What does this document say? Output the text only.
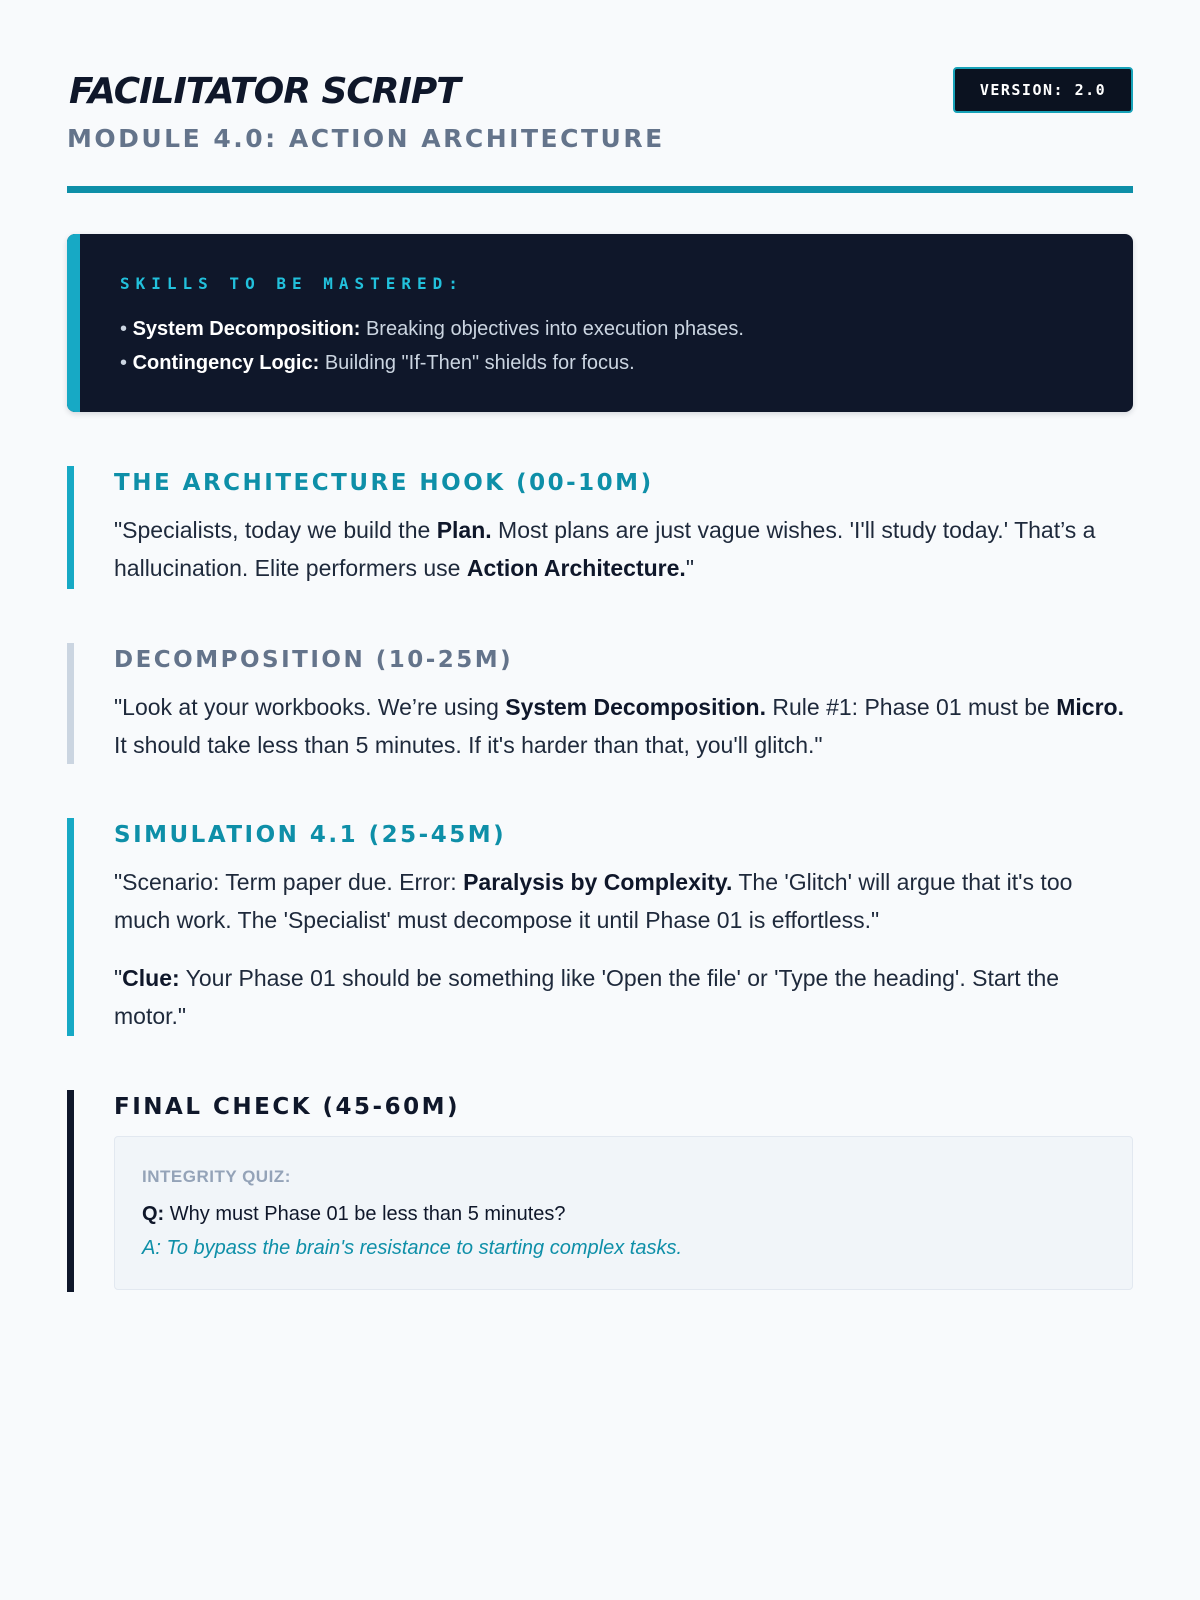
FACILITATOR SCRIPT
MODULE 4.0: ACTION ARCHITECTURE
VERSION: 2.0
SKILLS TO BE MASTERED:
• System Decomposition: Breaking objectives into execution phases.
• Contingency Logic: Building "If-Then" shields for focus.
THE ARCHITECTURE HOOK (00-10M)

"Specialists, today we build the Plan. Most plans are just vague wishes. 'I'll study today.' That’s a hallucination. Elite performers use Action Architecture."

DECOMPOSITION (10-25M)

"Look at your workbooks. We’re using System Decomposition. Rule #1: Phase 01 must be Micro. It should take less than 5 minutes. If it's harder than that, you'll glitch."

SIMULATION 4.1 (25-45M)

"Scenario: Term paper due. Error: Paralysis by Complexity. The 'Glitch' will argue that it's too much work. The 'Specialist' must decompose it until Phase 01 is effortless."

"Clue: Your Phase 01 should be something like 'Open the file' or 'Type the heading'. Start the motor."

FINAL CHECK (45-60M)
INTEGRITY QUIZ:
Q: Why must Phase 01 be less than 5 minutes?
A: To bypass the brain's resistance to starting complex tasks.
